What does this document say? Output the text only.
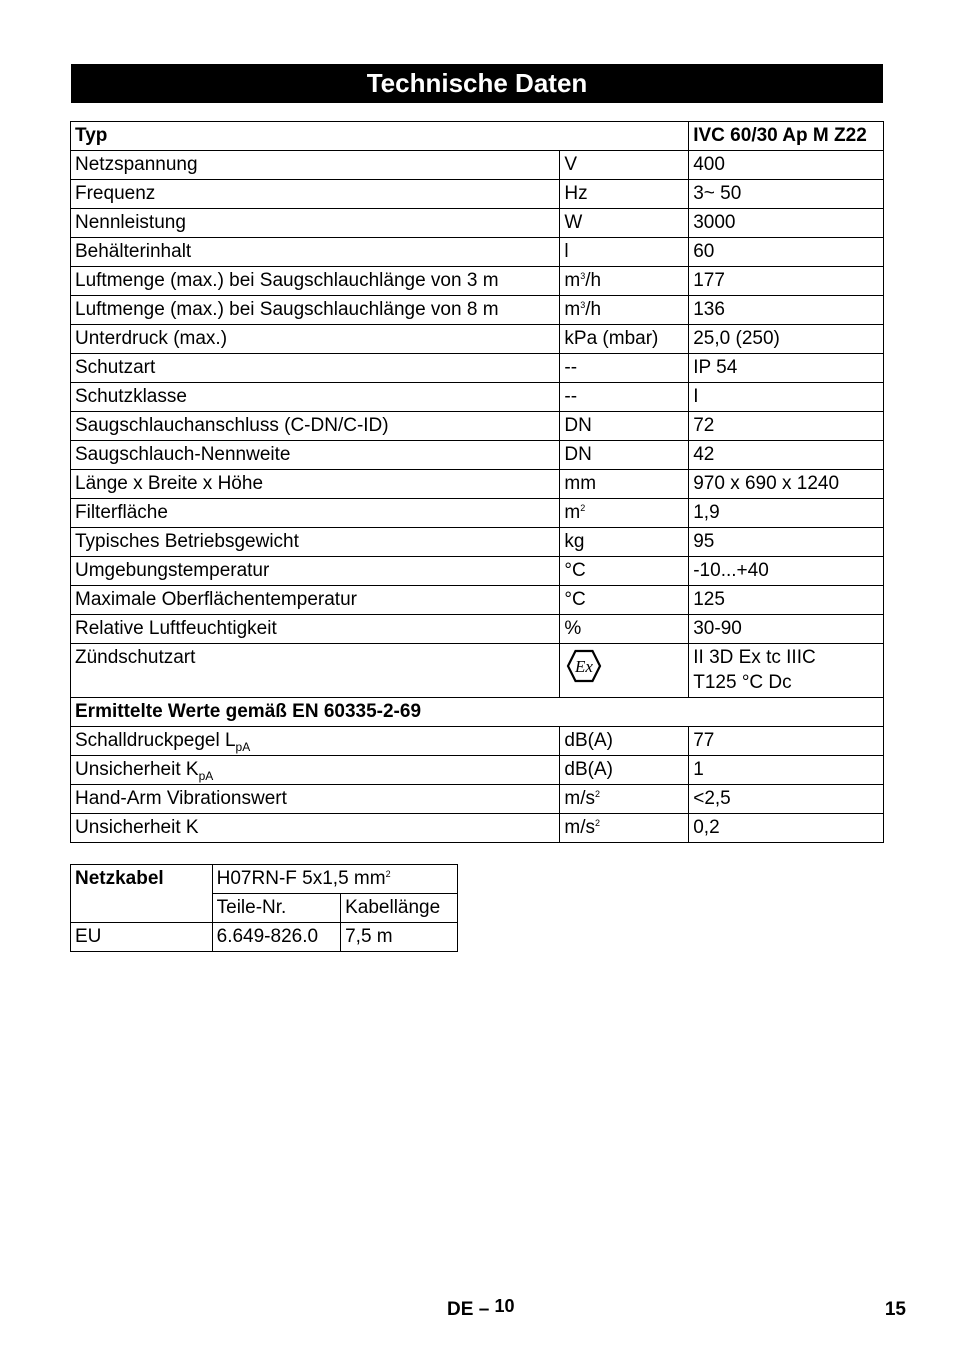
Technische Daten
Typ		IVC 60/30 Ap M Z22
Netzspannung	V	400
Frequenz	Hz	3~ 50
Nennleistung	W	3000
Behälterinhalt	l	60
Luftmenge (max.) bei Saugschlauchlänge von 3 m	$m^3/h$	177
Luftmenge (max.) bei Saugschlauchlänge von 8 m	$m^3/h$	136
Unterdruck (max.)	kPa (mbar)	25,0 (250)
Schutzart	--	IP 54
Schutzklasse	--	I
Saugschlauchanschluss (C-DN/C-ID)	DN	72
Saugschlauch-Nennweite	DN	42
Länge x Breite x Höhe	mm	970 x 690 x 1240
Filterfläche	$m^2$	1,9
Typisches Betriebsgewicht	kg	95
Umgebungstemperatur	°C	-10...+40
Maximale Oberflächentemperatur	°C	125
Relative Luftfeuchtigkeit	%	30-90
Zündschutzart	Ex	II 3D Ex tc IIIC
T125 °C Dc

Ermittelte Werte gemäß EN 60335-2-69		
Schalldruckpegel $L_{pA}$	dB(A)	77
Unsicherheit $K_{pA}$	dB(A)	1
Hand-Arm Vibrationswert	$m/s^2$	<2,5
Unsicherheit K	$m/s^2$	0,2
Netzkabel	H07RN-F 5x1,5 $mm^2$
	Teile-Nr.	Kabellänge
EU	6.649-826.0	7,5 m
DE – 10	15
